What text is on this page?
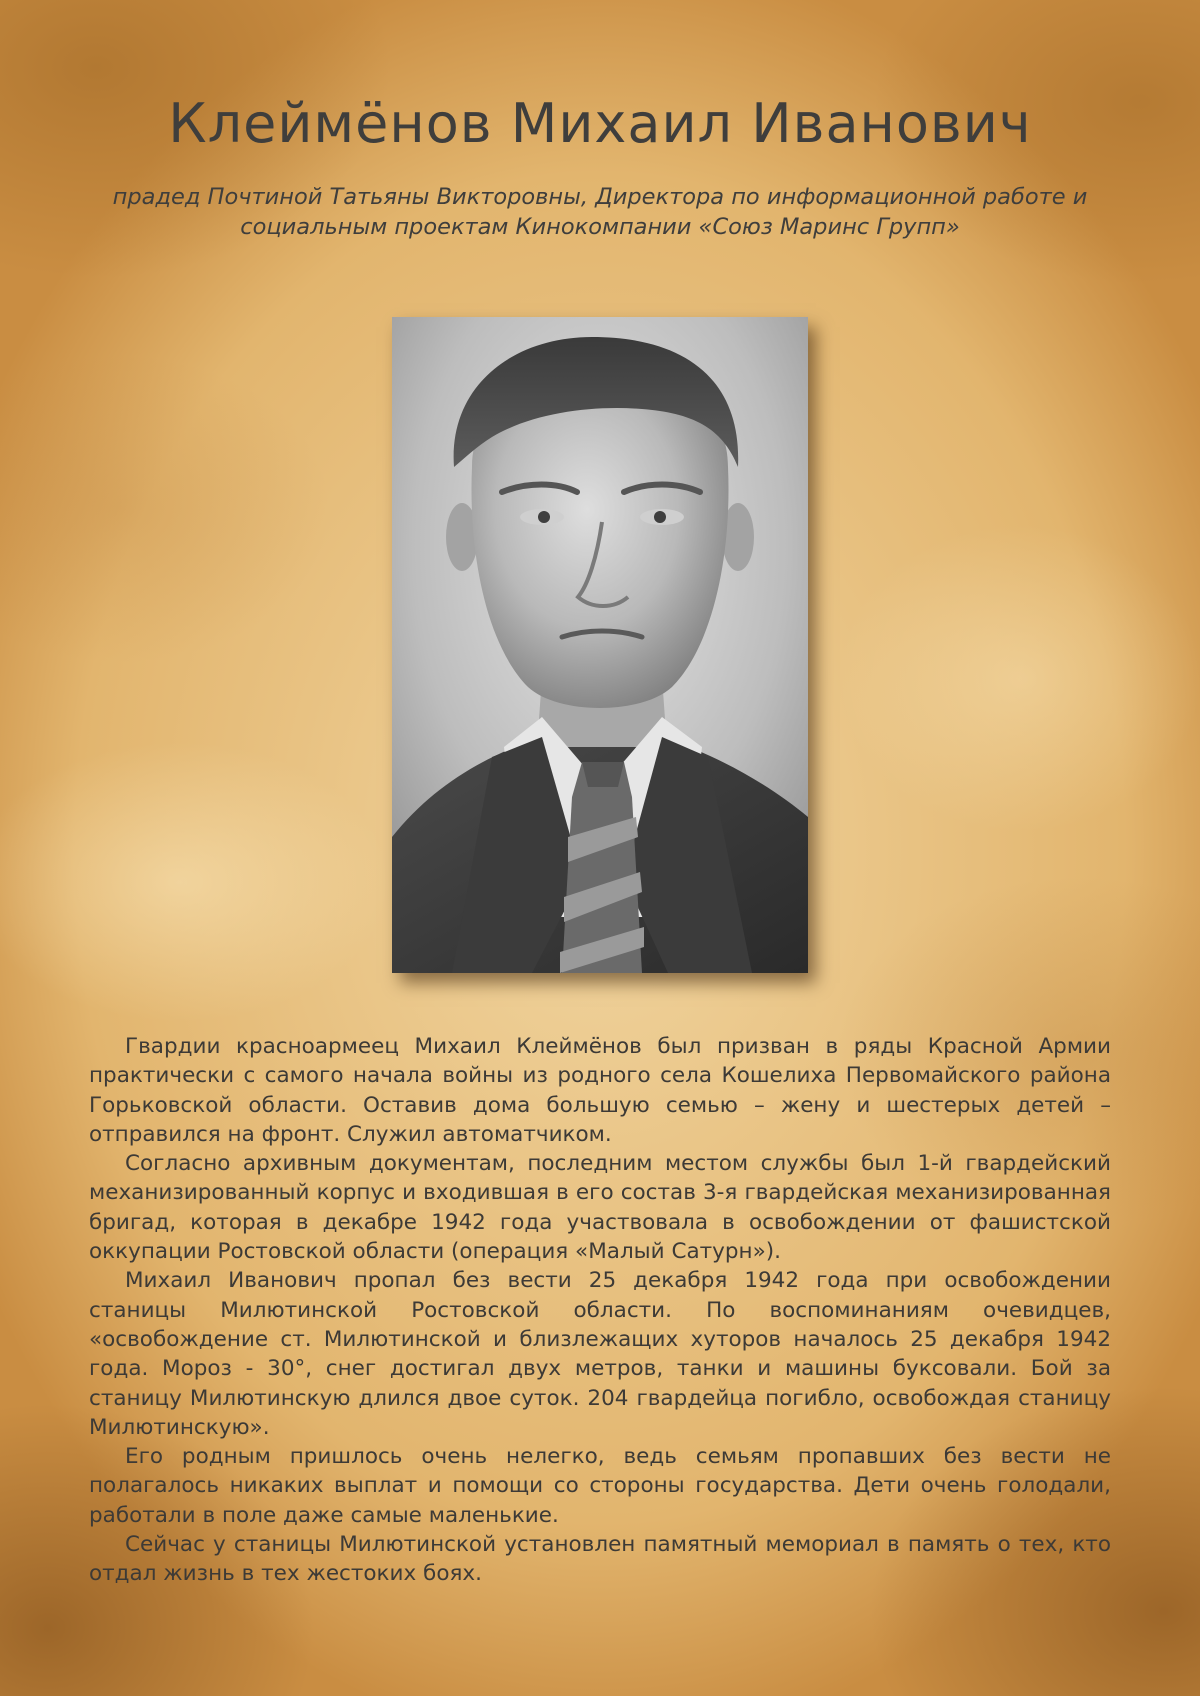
Клеймёнов Михаил Иванович

прадед Почтиной Татьяны Викторовны, Директора по информационной работе и социальным проектам Кинокомпании «Союз Маринс Групп»

Гвардии красноармеец Михаил Клеймёнов был призван в ряды Красной Армии практически с самого начала войны из родного села Кошелиха Первомайского района Горьковской области. Оставив дома большую семью – жену и шестерых детей – отправился на фронт. Служил автоматчиком.

Согласно архивным документам, последним местом службы был 1-й гвардейский механизированный корпус и входившая в его состав 3-я гвардейская механизированная бригад, которая в декабре 1942 года участвовала в освобождении от фашистской оккупации Ростовской области (операция «Малый Сатурн»).

Михаил Иванович пропал без вести 25 декабря 1942 года при освобождении станицы Милютинской Ростовской области. По воспоминаниям очевидцев, «освобождение ст. Милютинской и близлежащих хуторов началось 25 декабря 1942 года. Мороз - 30°, снег достигал двух метров, танки и машины буксовали. Бой за станицу Милютинскую длился двое суток. 204 гвардейца погибло, освобождая станицу Милютинскую».

Его родным пришлось очень нелегко, ведь семьям пропавших без вести не полагалось никаких выплат и помощи со стороны государства. Дети очень голодали, работали в поле даже самые маленькие.

Сейчас у станицы Милютинской установлен памятный мемориал в память о тех, кто отдал жизнь в тех жестоких боях.
